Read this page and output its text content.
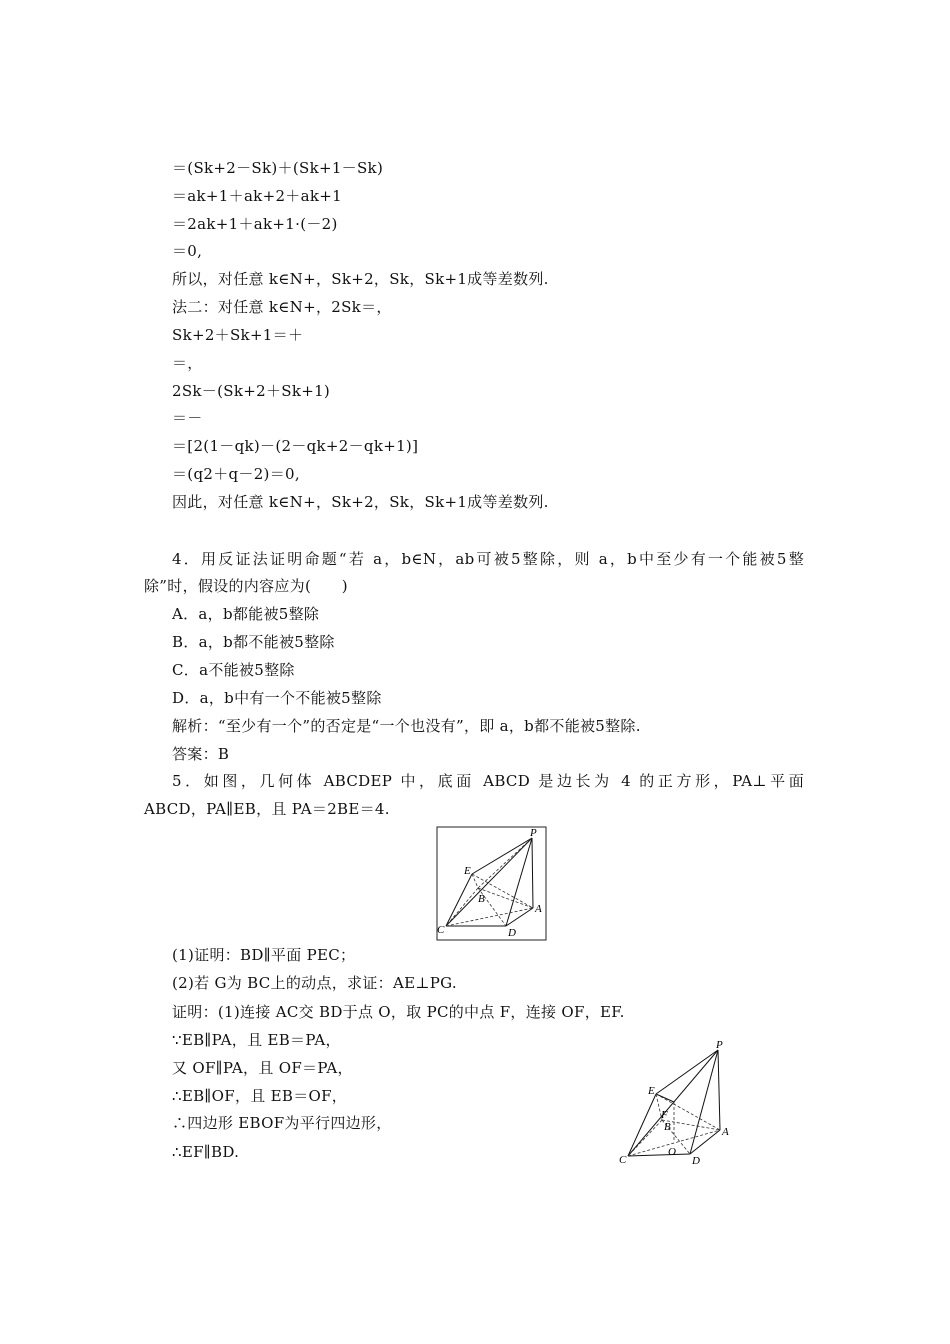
＝(Sk+2－Sk)＋(Sk+1－Sk)
＝ak+1＋ak+2＋ak+1
＝2ak+1＋ak+1·(－2)
＝0,
所以，对任意 k∈N+，Sk+2，Sk，Sk+1成等差数列.
法二：对任意 k∈N+，2Sk＝，
Sk+2＋Sk+1＝＋
＝，
2Sk－(Sk+2＋Sk+1)
＝－
＝[2(1－qk)－(2－qk+2－qk+1)]
＝(q2＋q－2)＝0,
因此，对任意 k∈N+，Sk+2，Sk，Sk+1成等差数列.
4．用反证法证明命题“若 a，b∈N，ab可被5整除，则 a，b中至少有一个能被5整
除”时，假设的内容应为(　　)
A．a，b都能被5整除
B．a，b都不能被5整除
C．a不能被5整除
D．a，b中有一个不能被5整除
解析：“至少有一个”的否定是“一个也没有”，即 a，b都不能被5整除.
答案：B
5．如图，几何体 ABCDEP 中，底面 ABCD 是边长为 4 的正方形，PA⊥平面
ABCD，PA∥EB，且 PA＝2BE＝4.
P
E
B
A
C	D
(1)证明：BD∥平面 PEC；
(2)若 G为 BC上的动点，求证：AE⊥PG.
证明：(1)连接 AC交 BD于点 O，取 PC的中点 F，连接 OF，EF.
∵EB∥PA，且 EB＝PA，
又 OF∥PA，且 OF＝PA，
∴EB∥OF，且 EB＝OF，
∴四边形 EBOF为平行四边形，
∴EF∥BD.
P
E
F
B	A
O
C	D
